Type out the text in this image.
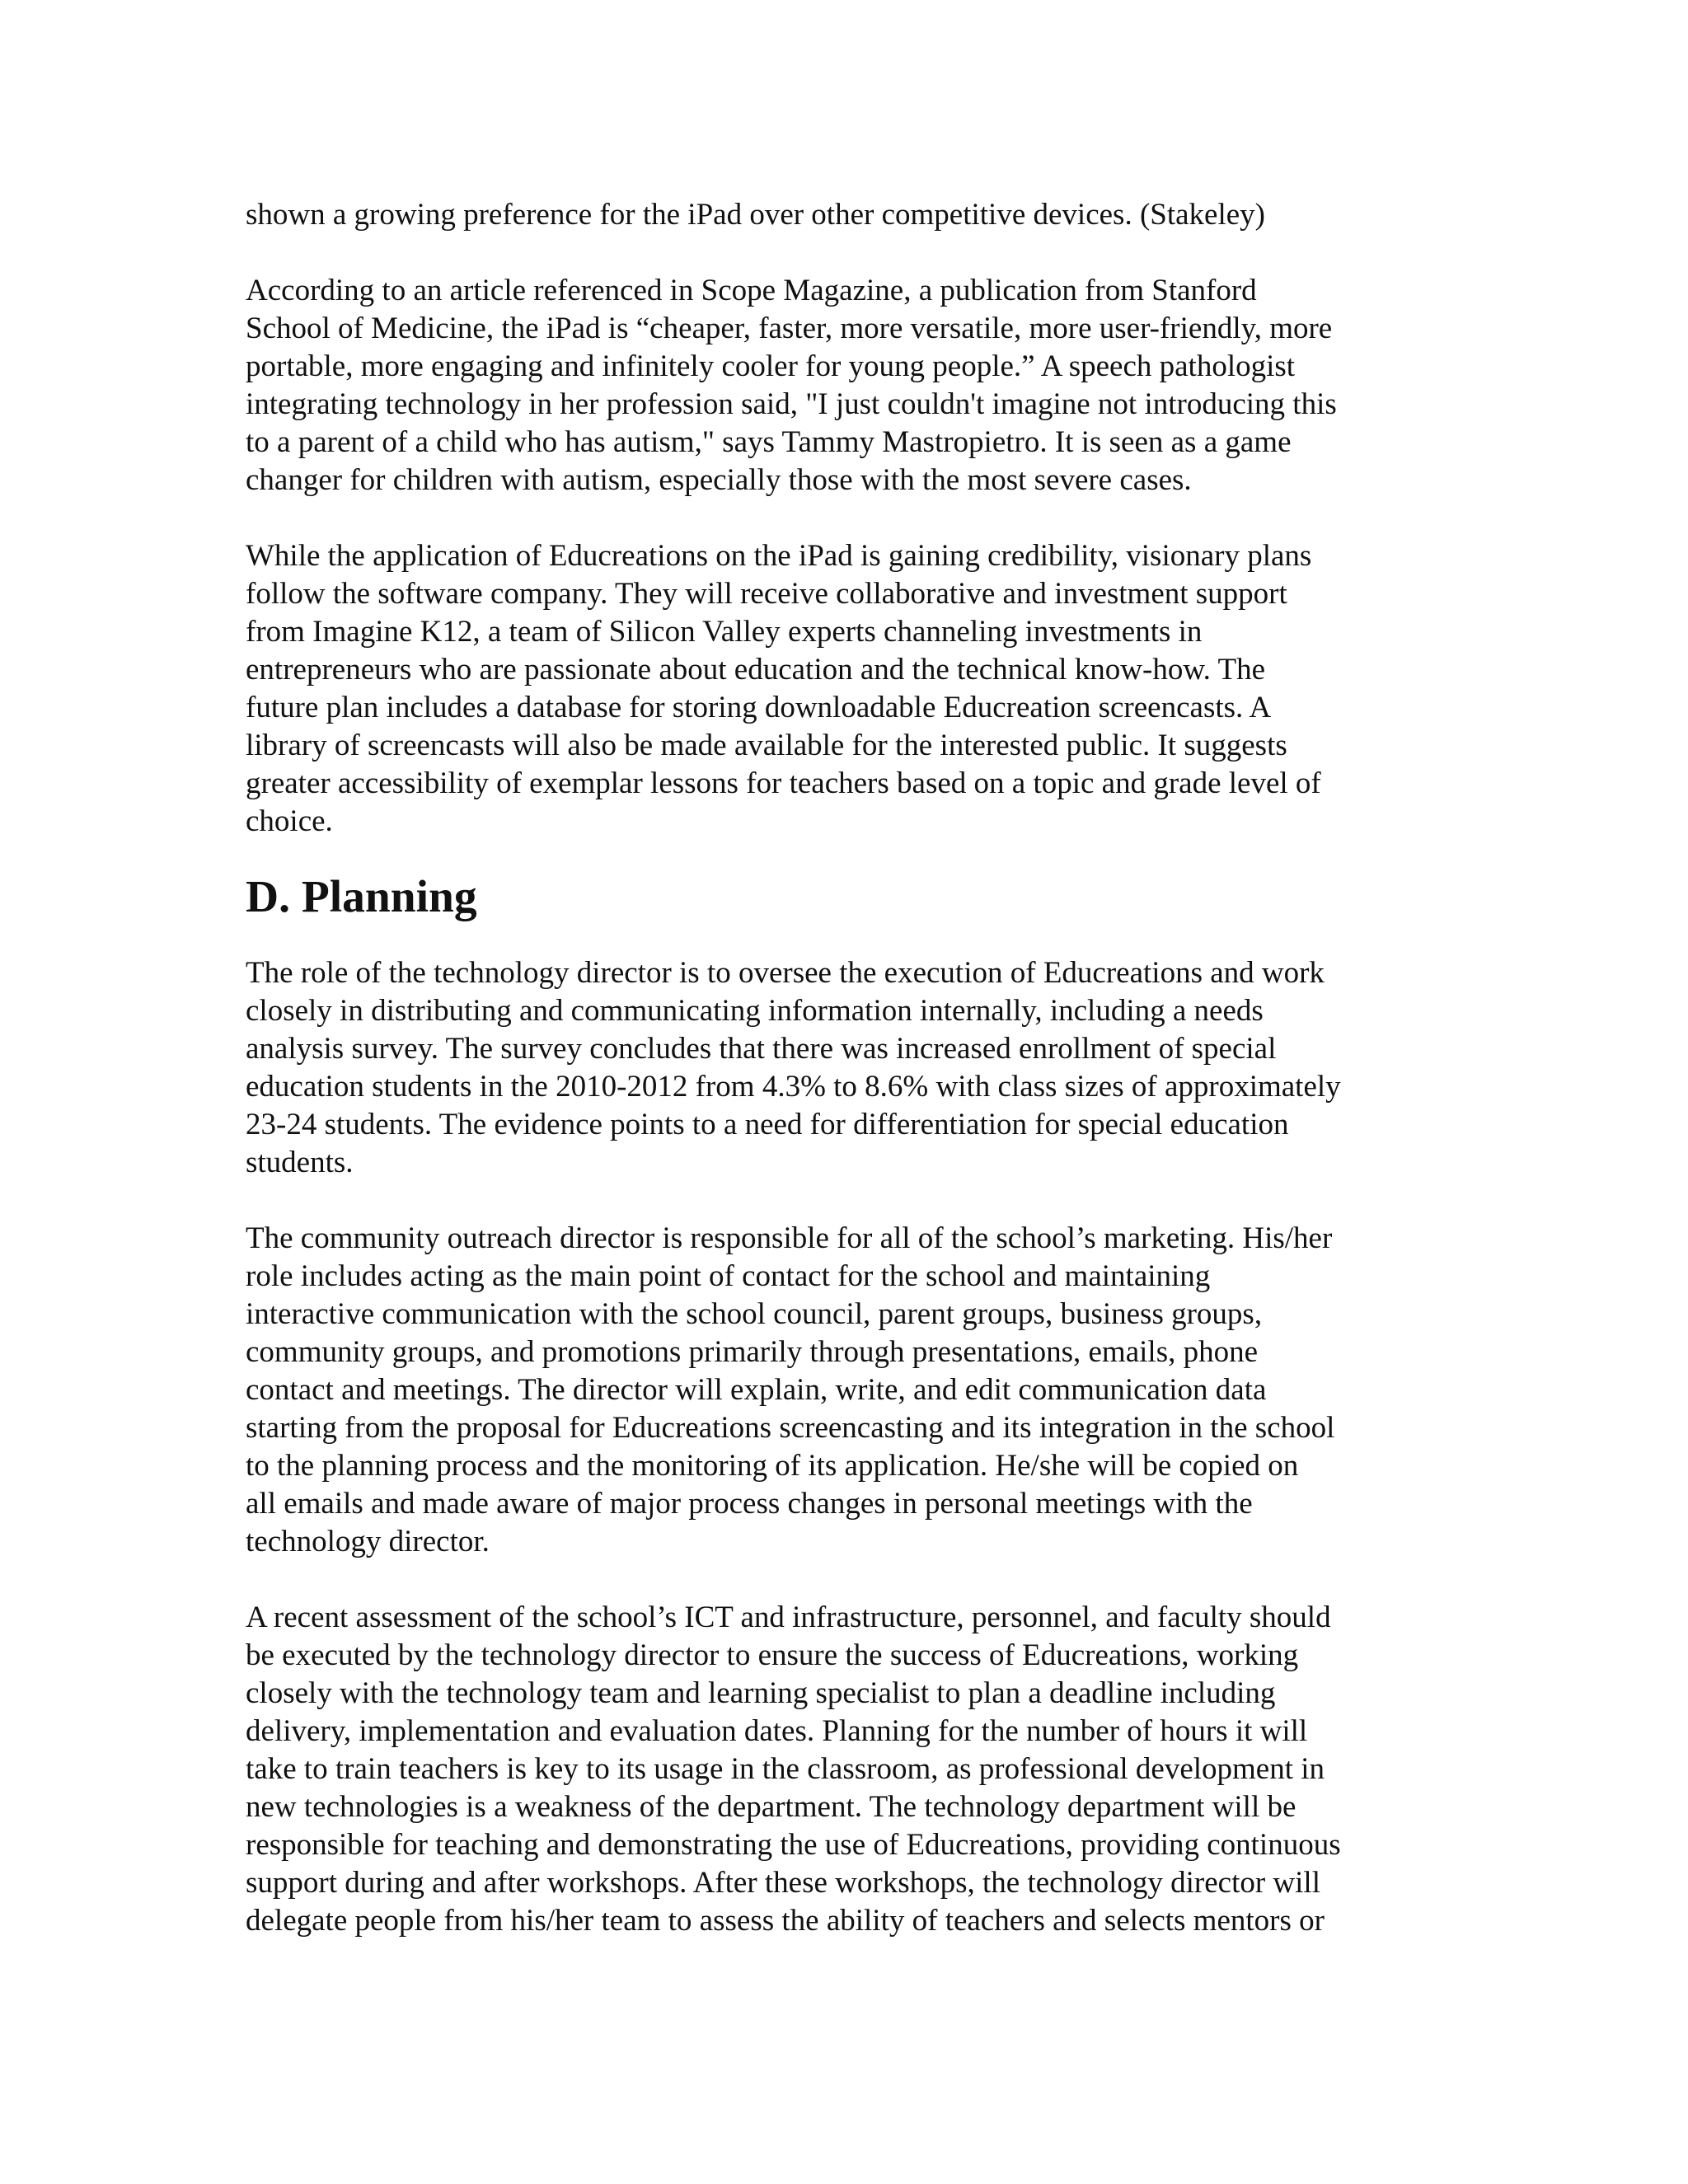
shown a growing preference for the iPad over other competitive devices. (Stakeley)

According to an article referenced in Scope Magazine, a publication from Stanford
School of Medicine, the iPad is “cheaper, faster, more versatile, more user-friendly, more
portable, more engaging and infinitely cooler for young people.” A speech pathologist
integrating technology in her profession said, "I just couldn't imagine not introducing this
to a parent of a child who has autism," says Tammy Mastropietro. It is seen as a game
changer for children with autism, especially those with the most severe cases.

While the application of Educreations on the iPad is gaining credibility, visionary plans
follow the software company. They will receive collaborative and investment support
from Imagine K12, a team of Silicon Valley experts channeling investments in
entrepreneurs who are passionate about education and the technical know-how. The
future plan includes a database for storing downloadable Educreation screencasts. A
library of screencasts will also be made available for the interested public. It suggests
greater accessibility of exemplar lessons for teachers based on a topic and grade level of
choice.

D. Planning

The role of the technology director is to oversee the execution of Educreations and work
closely in distributing and communicating information internally, including a needs
analysis survey. The survey concludes that there was increased enrollment of special
education students in the 2010-2012 from 4.3% to 8.6% with class sizes of approximately
23-24 students. The evidence points to a need for differentiation for special education
students.

The community outreach director is responsible for all of the school’s marketing. His/her
role includes acting as the main point of contact for the school and maintaining
interactive communication with the school council, parent groups, business groups,
community groups, and promotions primarily through presentations, emails, phone
contact and meetings. The director will explain, write, and edit communication data
starting from the proposal for Educreations screencasting and its integration in the school
to the planning process and the monitoring of its application. He/she will be copied on
all emails and made aware of major process changes in personal meetings with the
technology director.

A recent assessment of the school’s ICT and infrastructure, personnel, and faculty should
be executed by the technology director to ensure the success of Educreations, working
closely with the technology team and learning specialist to plan a deadline including
delivery, implementation and evaluation dates. Planning for the number of hours it will
take to train teachers is key to its usage in the classroom, as professional development in
new technologies is a weakness of the department. The technology department will be
responsible for teaching and demonstrating the use of Educreations, providing continuous
support during and after workshops. After these workshops, the technology director will
delegate people from his/her team to assess the ability of teachers and selects mentors or
